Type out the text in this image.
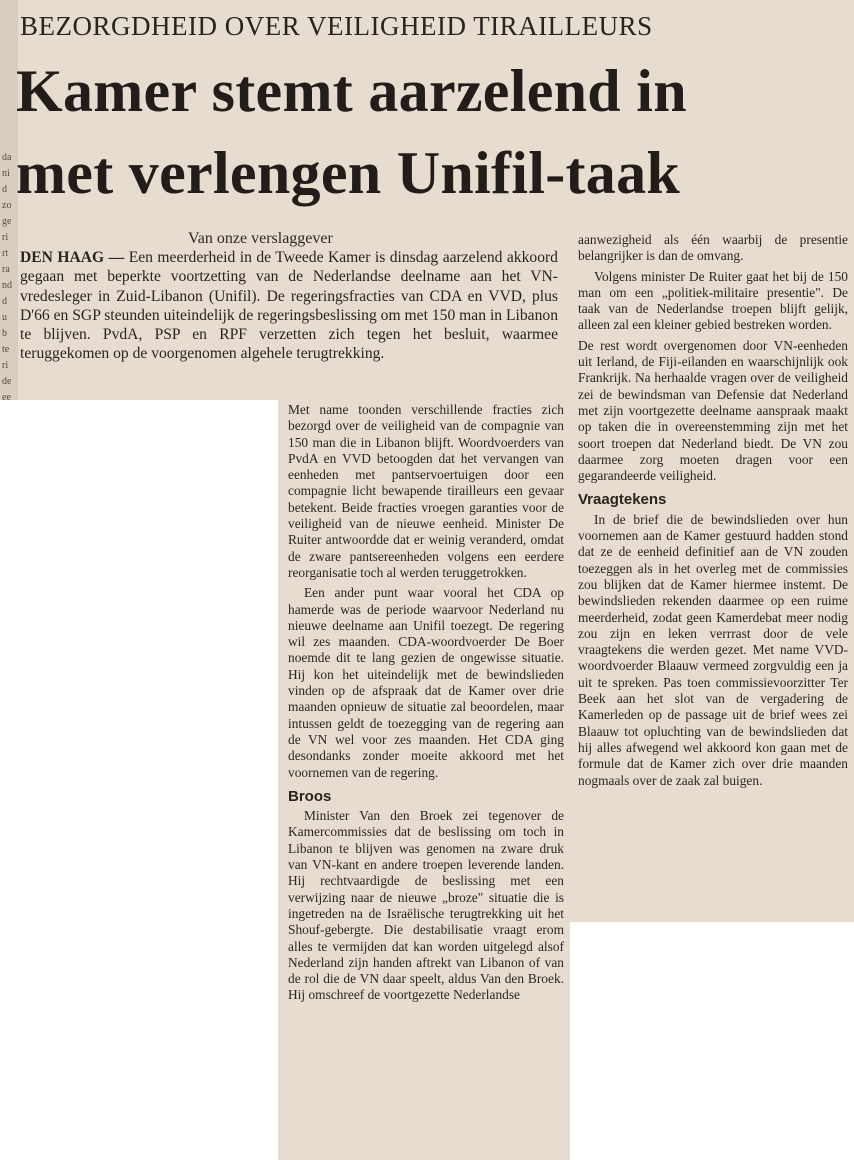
da
ni
d
zo
ge
ri
rt
ra
nd
d
u
b
te
ri
de
ee
BEZORGDHEID OVER VEILIGHEID TIRAILLEURS
Kamer stemt aarzelend in
met verlengen Unifil-taak
Van onze verslaggever
DEN HAAG — Een meerderheid in de Tweede Kamer is dinsdag aarzelend akkoord gegaan met beperkte voortzetting van de Nederlandse deelname aan het VN-vredesleger in Zuid-Libanon (Unifil). De regeringsfracties van CDA en VVD, plus D'66 en SGP steunden uiteindelijk de regeringsbeslissing om met 150 man in Libanon te blijven. PvdA, PSP en RPF verzetten zich tegen het besluit, waarmee teruggekomen op de voorgenomen algehele terugtrekking.

Met name toonden verschillende fracties zich bezorgd over de veiligheid van de compagnie van 150 man die in Libanon blijft. Woordvoerders van PvdA en VVD betoogden dat het vervangen van eenheden met pantservoertuigen door een compagnie licht bewapende tirailleurs een gevaar betekent. Beide fracties vroegen garanties voor de veiligheid van de nieuwe eenheid. Minister De Ruiter antwoordde dat er weinig veranderd, omdat de zware pantsereenheden volgens een eerdere reorganisatie toch al werden teruggetrokken.

Een ander punt waar vooral het CDA op hamerde was de periode waarvoor Nederland nu nieuwe deelname aan Unifil toezegt. De regering wil zes maanden. CDA-woordvoerder De Boer noemde dit te lang gezien de ongewisse situatie. Hij kon het uiteindelijk met de bewindslieden vinden op de afspraak dat de Kamer over drie maanden opnieuw de situatie zal beoordelen, maar intussen geldt de toezegging van de regering aan de VN wel voor zes maanden. Het CDA ging desondanks zonder moeite akkoord met het voornemen van de regering.

Broos

Minister Van den Broek zei tegenover de Kamercommissies dat de beslissing om toch in Libanon te blijven was genomen na zware druk van VN-kant en andere troepen leverende landen. Hij rechtvaardigde de beslissing met een verwijzing naar de nieuwe „broze" situatie die is ingetreden na de Israëlische terugtrekking uit het Shouf-gebergte. Die destabilisatie vraagt erom alles te vermijden dat kan worden uitgelegd alsof Nederland zijn handen aftrekt van Libanon of van de rol die de VN daar speelt, aldus Van den Broek. Hij omschreef de voortgezette Nederlandse

aanwezigheid als één waarbij de presentie belangrijker is dan de omvang.

Volgens minister De Ruiter gaat het bij de 150 man om een „politiek-militaire presentie". De taak van de Nederlandse troepen blijft gelijk, alleen zal een kleiner gebied bestreken worden.

De rest wordt overgenomen door VN-eenheden uit Ierland, de Fiji-eilanden en waarschijnlijk ook Frankrijk. Na herhaalde vragen over de veiligheid zei de bewindsman van Defensie dat Nederland met zijn voortgezette deelname aanspraak maakt op taken die in overeenstemming zijn met het soort troepen dat Nederland biedt. De VN zou daarmee zorg moeten dragen voor een gegarandeerde veiligheid.

Vraagtekens

In de brief die de bewindslieden over hun voornemen aan de Kamer gestuurd hadden stond dat ze de eenheid definitief aan de VN zouden toezeggen als in het overleg met de commissies zou blijken dat de Kamer hiermee instemt. De bewindslieden rekenden daarmee op een ruime meerderheid, zodat geen Kamerdebat meer nodig zou zijn en leken verrrast door de vele vraagtekens die werden gezet. Met name VVD-woordvoerder Blaauw vermeed zorgvuldig een ja uit te spreken. Pas toen commissievoorzitter Ter Beek aan het slot van de vergadering de Kamerleden op de passage uit de brief wees zei Blaauw tot opluchting van de bewindslieden dat hij alles afwegend wel akkoord kon gaan met de formule dat de Kamer zich over drie maanden nogmaals over de zaak zal buigen.
